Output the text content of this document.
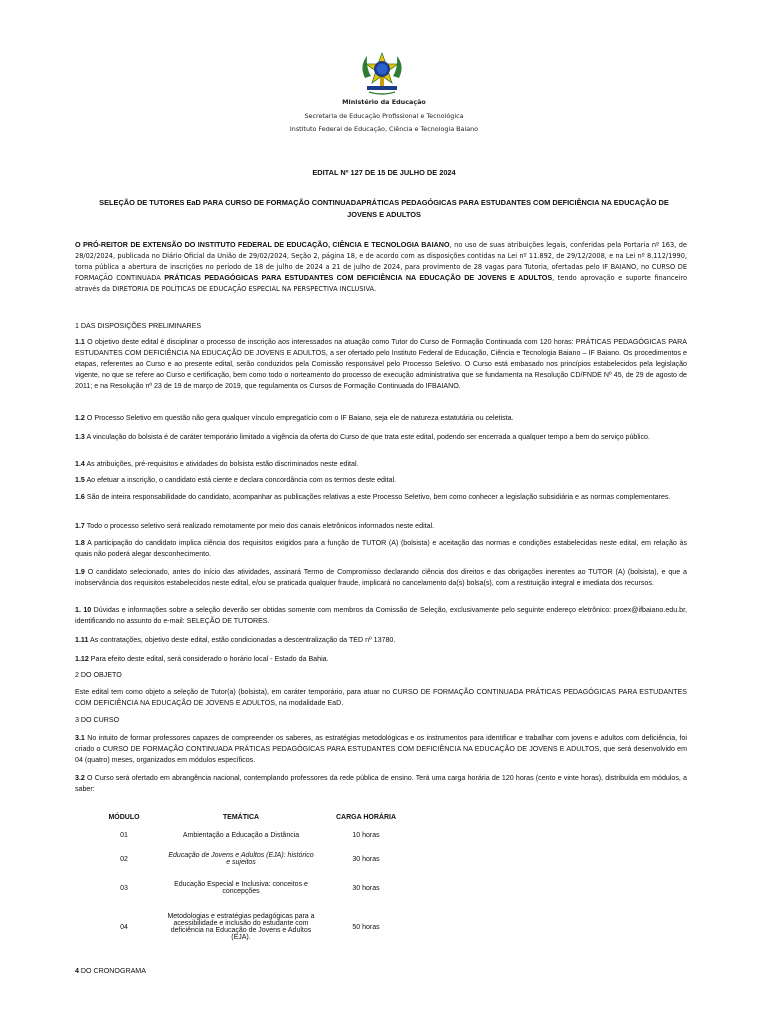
Ministério da Educação
Secretaria de Educação Profissional e Tecnológica
Instituto Federal de Educação, Ciência e Tecnologia Baiano
EDITAL Nº 127 DE 15 DE JULHO DE 2024
SELEÇÃO DE TUTORES EaD PARA CURSO DE FORMAÇÃO CONTINUADAPRÁTICAS PEDAGÓGICAS PARA ESTUDANTES COM DEFICIÊNCIA NA EDUCAÇÃO DE
JOVENS E ADULTOS
O PRÓ-REITOR DE EXTENSÃO DO INSTITUTO FEDERAL DE EDUCAÇÃO, CIÊNCIA E TECNOLOGIA BAIANO, no uso de suas atribuições legais, conferidas pela Portaria nº 163, de 28/02/2024, publicada no Diário Oficial da União de 29/02/2024, Seção 2, página 18, e de acordo com as disposições contidas na Lei nº 11.892, de 29/12/2008, e na Lei nº 8.112/1990, torna pública a abertura de inscrições no período de 18 de julho de 2024 a 21 de julho de 2024, para provimento de 28 vagas para Tutoria, ofertadas pelo IF BAIANO, no CURSO DE FORMAÇÃO CONTINUADA PRÁTICAS PEDAGÓGICAS PARA ESTUDANTES COM DEFICIÊNCIA NA EDUCAÇÃO DE JOVENS E ADULTOS, tendo aprovação e suporte financeiro através da DIRETORIA DE POLÍTICAS DE EDUCAÇÃO ESPECIAL NA PERSPECTIVA INCLUSIVA.
1 DAS DISPOSIÇÕES PRELIMINARES
1.1 O objetivo deste edital é disciplinar o processo de inscrição aos interessados na atuação como Tutor do Curso de Formação Continuada com 120 horas: PRÁTICAS PEDAGÓGICAS PARA ESTUDANTES COM DEFICIÊNCIA NA EDUCAÇÃO DE JOVENS E ADULTOS, a ser ofertado pelo Instituto Federal de Educação, Ciência e Tecnologia Baiano – IF Baiano. Os procedimentos e etapas, referentes ao Curso e ao presente edital, serão conduzidos pela Comissão responsável pelo Processo Seletivo. O Curso está embasado nos princípios estabelecidos pela legislação vigente, no que se refere ao Curso e certificação, bem como todo o norteamento do processo de execução administrativa que se fundamenta na Resolução CD/FNDE Nº 45, de 29 de agosto de 2011; e na Resolução nº 23 de 19 de março de 2019, que regulamenta os Cursos de Formação Continuada do IFBAIANO.
1.2 O Processo Seletivo em questão não gera qualquer vínculo empregatício com o IF Baiano, seja ele de natureza estatutária ou celetista.
1.3 A vinculação do bolsista é de caráter temporário limitado a vigência da oferta do Curso de que trata este edital, podendo ser encerrada a qualquer tempo a bem do serviço público.
1.4 As atribuições, pré-requisitos e atividades do bolsista estão discriminados neste edital.
1.5 Ao efetuar a inscrição, o candidato está ciente e declara concordância com os termos deste edital.
1.6 São de inteira responsabilidade do candidato, acompanhar as publicações relativas a este Processo Seletivo, bem como conhecer a legislação subsidiária e as normas complementares.
1.7 Todo o processo seletivo será realizado remotamente por meio dos canais eletrônicos informados neste edital.
1.8 A participação do candidato implica ciência dos requisitos exigidos para a função de TUTOR (A) (bolsista) e aceitação das normas e condições estabelecidas neste edital, em relação às quais não poderá alegar desconhecimento.
1.9 O candidato selecionado, antes do início das atividades, assinará Termo de Compromisso declarando ciência dos direitos e das obrigações inerentes ao TUTOR (A) (bolsista), e que a inobservância dos requisitos estabelecidos neste edital, e/ou se praticada qualquer fraude, implicará no cancelamento da(s) bolsa(s), com a restituição integral e imediata dos recursos.
1. 10 Dúvidas e informações sobre a seleção deverão ser obtidas somente com membros da Comissão de Seleção, exclusivamente pelo seguinte endereço eletrônico: proex@ifbaiano.edu.br, identificando no assunto do e-mail: SELEÇÃO DE TUTORES.
1.11 As contratações, objetivo deste edital, estão condicionadas a descentralização da TED nº 13780.
1.12 Para efeito deste edital, será considerado o horário local - Estado da Bahia.
2 DO OBJETO
Este edital tem como objeto a seleção de Tutor(a) (bolsista), em caráter temporário, para atuar no CURSO DE FORMAÇÃO CONTINUADA PRÁTICAS PEDAGÓGICAS PARA ESTUDANTES COM DEFICIÊNCIA NA EDUCAÇÃO DE JOVENS E ADULTOS, na modalidade EaD.
3 DO CURSO
3.1 No intuito de formar professores capazes de compreender os saberes, as estratégias metodológicas e os instrumentos para identificar e trabalhar com jovens e adultos com deficiência, foi criado o CURSO DE FORMAÇÃO CONTINUADA PRÁTICAS PEDAGÓGICAS PARA ESTUDANTES COM DEFICIÊNCIA NA EDUCAÇÃO DE JOVENS E ADULTOS, que será desenvolvido em 04 (quatro) meses, organizados em módulos específicos.
3.2 O Curso será ofertado em abrangência nacional, contemplando professores da rede pública de ensino. Terá uma carga horária de 120 horas (cento e vinte horas), distribuída em módulos, a saber:
MÓDULO	TEMÁTICA	CARGA HORÁRIA
01	Ambientação a Educação a Distância	10 horas
02	Educação de Jovens e Adultos (EJA): histórico e sujeitos	30 horas
03	Educação Especial e Inclusiva: conceitos e concepções	30 horas
04	Metodologias e estratégias pedagógicas para a acessibilidade e inclusão do estudante com deficiência na Educação de Jovens e Adultos (EJA).	50 horas
4 DO CRONOGRAMA
